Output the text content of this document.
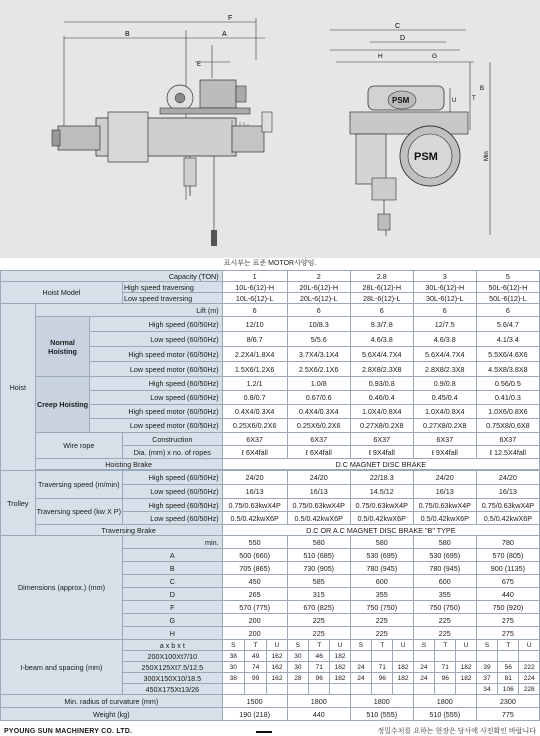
B
F
A
E
C
D
H	G
U	T
B
Min
PSM
PSM
표시부는 표준 MOTOR사양임.
Capacity (TON)				1			2			2.8			3			5		
Hoist Model			High speed traversing	10L-6(12)-H			20L-6(12)-H			28L-6(12)-H			30L-6(12)-H			50L-6(12)-H		
			Low speed traversing	10L-6(12)-L			20L-6(12)-L			28L-6(12)-L			30L-6(12)-L			50L-6(12)-L		
Hoist	Lift (m)			6			6			6			6			6		
	Normal Hoisting	High speed (60/50Hz)		12/10			10/8.3			9.3/7.8			12/7.5			5.6/4.7		
		Low speed (60/50Hz)		8/6.7			5/5.6			4.6/3.8			4.6/3.8			4.1/3.4		
		High speed motor (60/50Hz)		2.2X4/1.8X4			3.7X4/3.1X4			5.6X4/4.7X4			5.6X4/4.7X4			5.5X6/4.6X6		
		Low speed motor (60/50Hz)		1.5X6/1.2X6			2.5X6/2.1X6			2.8X8/2.3X8			2.8X8/2.3X8			4.5X8/3.8X8		
	Creep Hoisting	High speed (60/50Hz)		1.2/1			1.0/8			0.93/0.8			0.9/0.8			0.56/0.5		
		Low speed (60/50Hz)		0.8/0.7			0.67/0.6			0.46/0.4			0.45/0.4			0.41/0.3		
		High speed motor (60/50Hz)		0.4X4/0.3X4			0.4X4/0.3X4			1.0X4/0.8X4			1.0X4/0.8X4			1.0X6/0.8X6		
		Low speed motor (60/50Hz)		0.25X6/0.2X6			0.25X6/0.2X6			0.27X8/0.2X8			0.27X8/0.2X8			0.75X8/0.6X8		
	Wire rope		Construction	6X37			6X37			6X37			6X37			6X37		
			Dia. (mm) x no. of ropes	ℓ 6X4fall			ℓ 6X4fall			ℓ 9X4fall			ℓ 9X4fall			ℓ 12.5X4fall		
	Hoisting Brake			D.C MAGNET DISC BRAKE														

Trolley	Traversing speed (m/min)		High speed (60/50Hz)	24/20			24/20			22/18.3			24/20			24/20		
			Low speed (60/50Hz)	16/13			16/13			14.5/12			16/13			16/13		
	Traversing speed (kw X P)		High speed (60/50Hz)	0.75/0.63kwX4P			0.75/0.63kwX4P			0.75/0.63kwX4P			0.75/0.63kwX4P			0.75/0.63kwX4P		
			Low speed (60/50Hz)	0.5/0.42kwX6P			0.5/0.42kwX6P			0.5/0.42kwX6P			0.5/0.42kwX6P			0.5/0.42kwX6P		
	Traversing Brake			D.C OR A.C MAGNET DISC BRAKE "B" TYPE														
Dimensions (approx.) (mm)			min.	550			580			580			580			780		
			A	500 (660)			510 (685)			530 (695)			530 (695)			570 (805)		
			B	705 (865)			730 (905)			780 (945)			780 (945)			900 (1135)		
			C	450			585			600			600			675		
			D	265			315			355			355			440		
			F	570 (775)			670 (825)			750 (750)			750 (750)			750 (920)		
			G	200			225			225			225			275		
			H	200			225			225			225			275		
I-beam and spacing (mm)			a x b x t	S	T	U	S	T	U	S	T	U	S	T	U	S	T	U
			200X100Xt7/10	38	49	162	30	46	182									
			250X125Xt7.5/12.5	30	74	162	30	71	182	24	71	182	24	71	182	39	56	222
			300X150X10/18.5	38	99	162	28	96	182	24	96	182	24	96	182	37	81	224
			450X175Xt13/26													34	106	228
Min. radius of curvature (mm)				1500			1800			1800			1800			2300		
Weight (kg)				190 (218)			440			510 (555)			510 (555)			775		
PYOUNG SUN MACHINERY CO. LTD.	정밀수치를 요하는 현장은 당사에 사전확인 바랍니다
